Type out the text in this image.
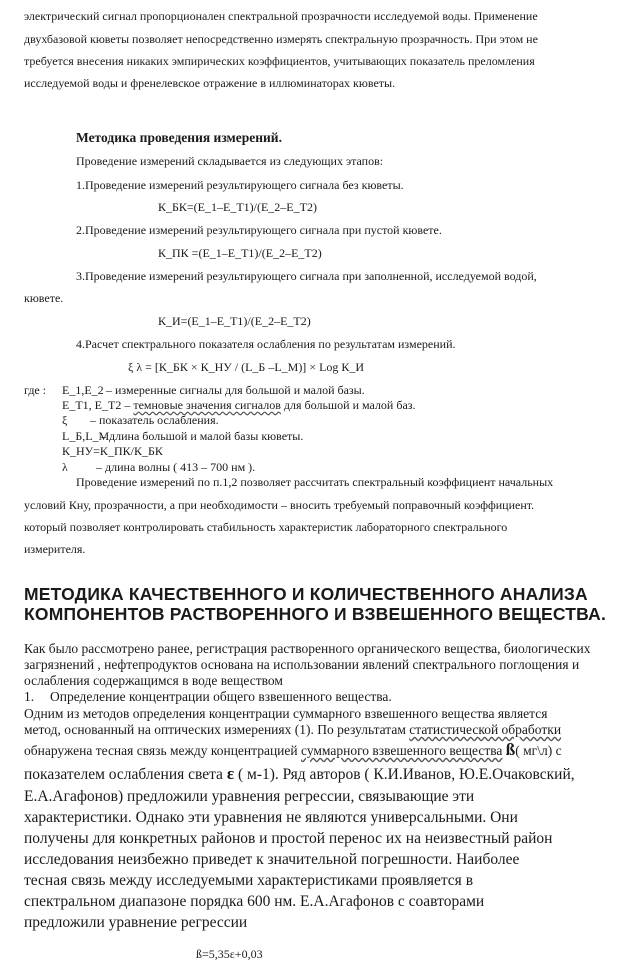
электрический сигнал пропорционален спектральной прозрачности исследуемой воды. Применение
двухбазовой кюветы позволяет непосредственно измерять спектральную прозрачность. При этом не
требуется внесения никаких эмпирических коэффициентов, учитывающих показатель преломления
исследуемой воды и френелевское отражение в иллюминаторах кюветы.
Методика проведения измерений.
Проведение измерений складывается из следующих этапов:
1.Проведение измерений результирующего сигнала без кюветы.
К_БК=(Е_1–Е_Т1)/(Е_2–Е_Т2)
2.Проведение измерений результирующего сигнала при пустой кювете.
К_ПК =(Е_1–Е_Т1)/(Е_2–Е_Т2)
3.Проведение измерений результирующего сигнала при заполненной, исследуемой водой,
кювете.
К_И=(Е_1–Е_Т1)/(Е_2–Е_Т2)
4.Расчет спектрального показателя ослабления по результатам измерений.
ξ λ = [К_БК × К_НУ / (L_Б –L_М)] × Log К_И
где : Е_1,Е_2 – измеренные сигналы для большой и малой базы.
Е_Т1, Е_Т2 – темновые значения сигналов для большой и малой баз.
ξ – показатель ослабления.
L_Б,L_М
– длина большой и малой базы кюветы.
К_НУ=К_ПК/К_БК
λ – длина волны ( 413 – 700 нм ).
Проведение измерений по п.1,2 позволяет рассчитать спектральный коэффициент начальных
условий Кну, прозрачности, а при необходимости – вносить требуемый поправочный коэффициент.
который позволяет контролировать стабильность характеристик лабораторного спектрального
измерителя.
МЕТОДИКА КАЧЕСТВЕННОГО И КОЛИЧЕСТВЕННОГО АНАЛИЗА
КОМПОНЕНТОВ РАСТВОРЕННОГО И ВЗВЕШЕННОГО ВЕЩЕСТВА.
Как было рассмотрено ранее, регистрация растворенного органического вещества, биологических
загрязнений , нефтепродуктов основана на использовании явлений спектрального поглощения и
ослабления содержащимся в воде веществом
1. Определение концентрации общего взвешенного вещества.
Одним из методов определения концентрации суммарного взвешенного вещества является
метод, основанный на оптических измерениях (1). По результатам статистической обработки
обнаружена тесная связь между концентрацией суммарного взвешенного вещества ß( мг\л) с
показателем ослабления света ε ( м-1). Ряд авторов ( К.И.Иванов, Ю.Е.Очаковский,
Е.А.Агафонов) предложили уравнения регрессии, связывающие эти
характеристики. Однако эти уравнения не являются универсальными. Они
получены для конкретных районов и простой перенос их на неизвестный район
исследования неизбежно приведет к значительной погрешности. Наиболее
тесная связь между исследуемыми характеристиками проявляется в
спектральном диапазоне порядка 600 нм. Е.А.Агафонов с соавторами
предложили уравнение регрессии
ß=5,35ε+0,03
